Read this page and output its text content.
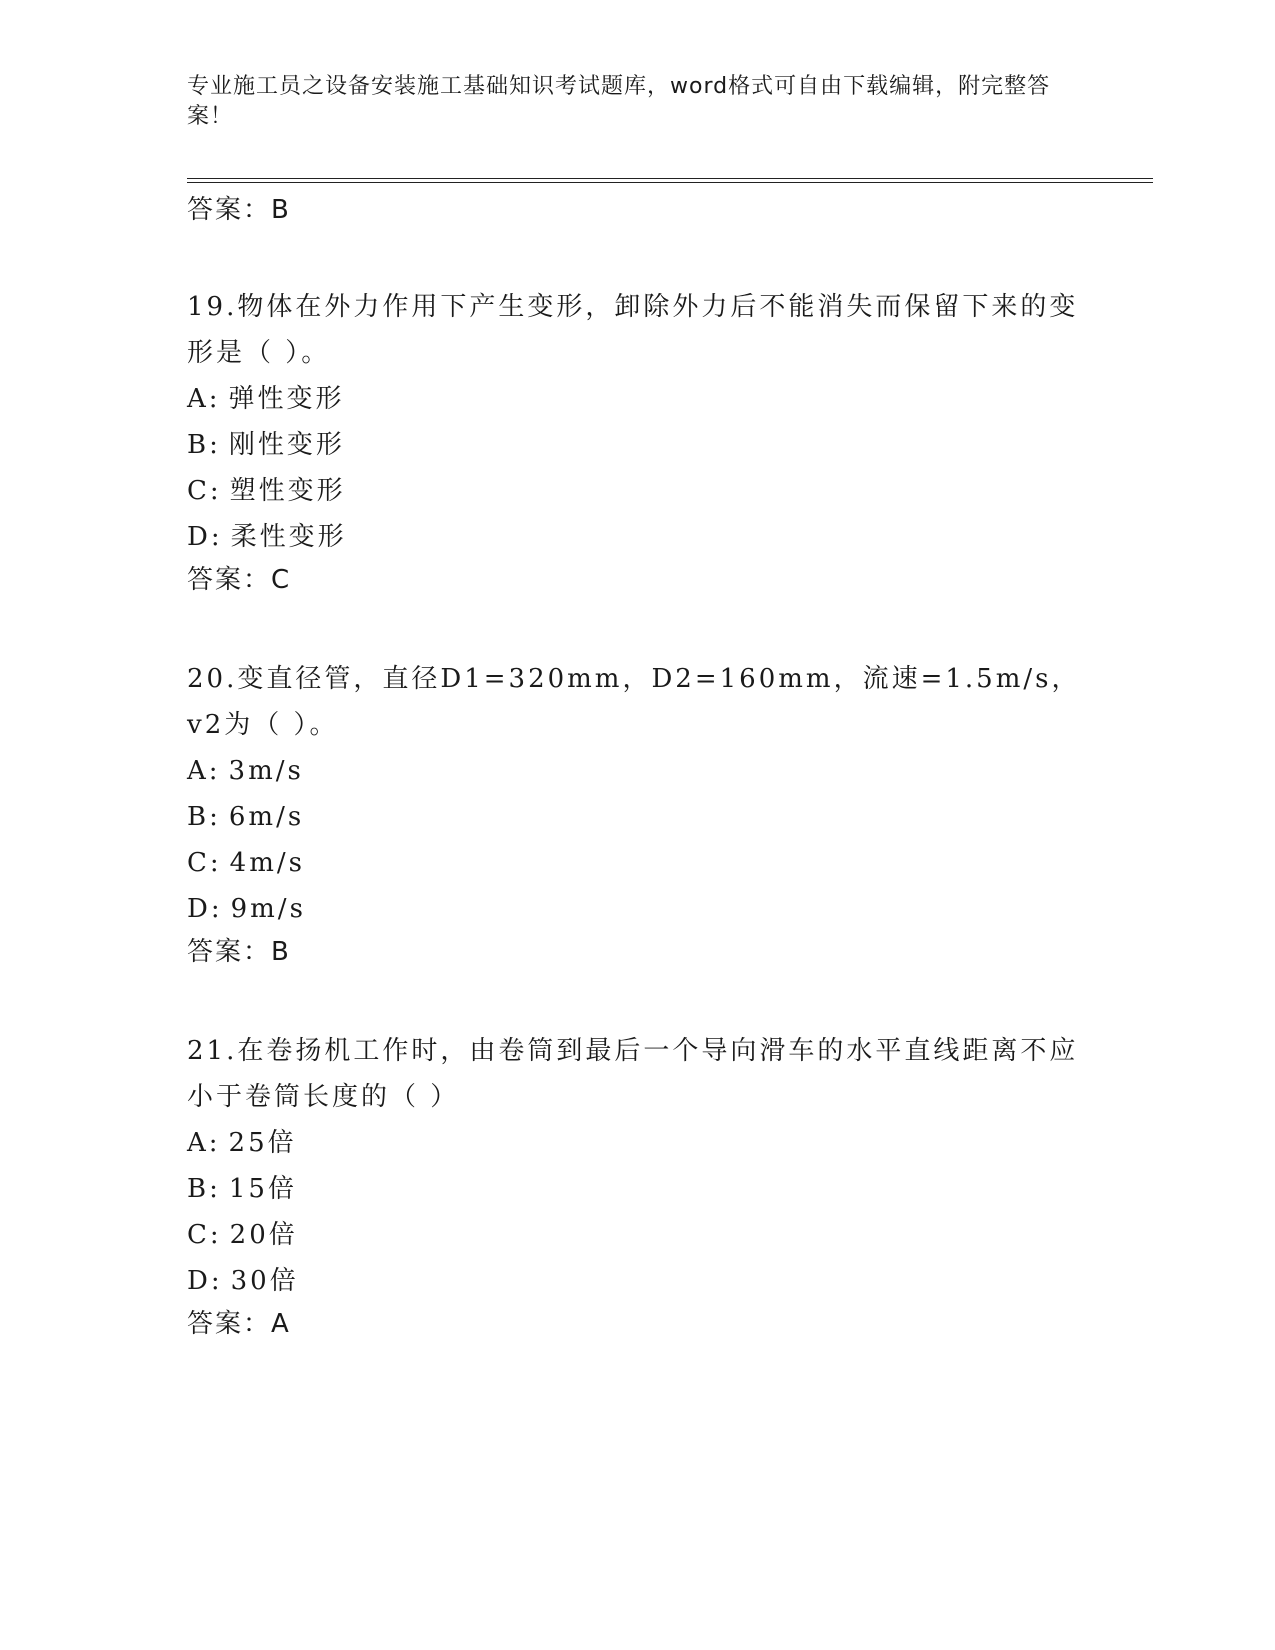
专业施工员之设备安装施工基础知识考试题库，word格式可自由下载编辑，附完整答案！

答案：B

19.物体在外力作用下产生变形，卸除外力后不能消失而保留下来的变形是（ ）。

A: 弹性变形

B: 刚性变形

C: 塑性变形

D: 柔性变形

答案：C

20.变直径管，直径D1=320mm，D2=160mm，流速=1.5m/s，v2为（ ）。

A: 3m/s

B: 6m/s

C: 4m/s

D: 9m/s

答案：B

21.在卷扬机工作时，由卷筒到最后一个导向滑车的水平直线距离不应小于卷筒长度的（ ）

A: 25倍

B: 15倍

C: 20倍

D: 30倍

答案：A
